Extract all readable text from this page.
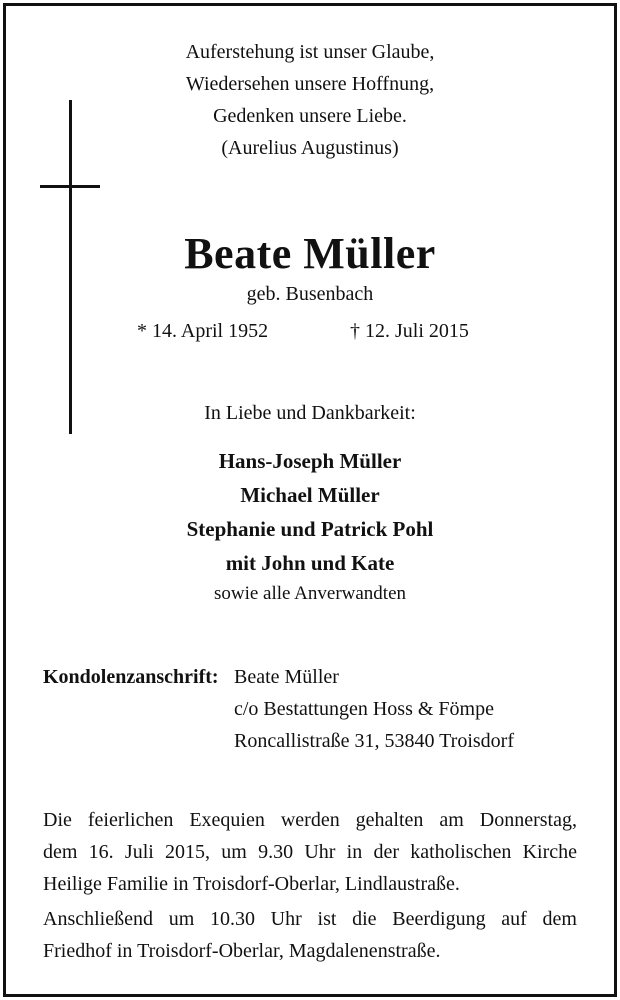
Auferstehung ist unser Glaube,
Wiedersehen unsere Hoffnung,
Gedenken unsere Liebe.
(Aurelius Augustinus)
Beate Müller
geb. Busenbach
* 14. April 1952	† 12. Juli 2015
In Liebe und Dankbarkeit:
Hans-Joseph Müller
Michael Müller
Stephanie und Patrick Pohl
mit John und Kate
sowie alle Anverwandten
Kondolenzanschrift: Beate Müller
c/o Bestattungen Hoss & Fömpe
Roncallistraße 31, 53840 Troisdorf
Die feierlichen Exequien werden gehalten am Donnerstag,
dem 16. Juli 2015, um 9.30 Uhr in der katholischen Kirche
Heilige Familie in Troisdorf-Oberlar, Lindlaustraße.
Anschließend um 10.30 Uhr ist die Beerdigung auf dem
Friedhof in Troisdorf-Oberlar, Magdalenenstraße.
